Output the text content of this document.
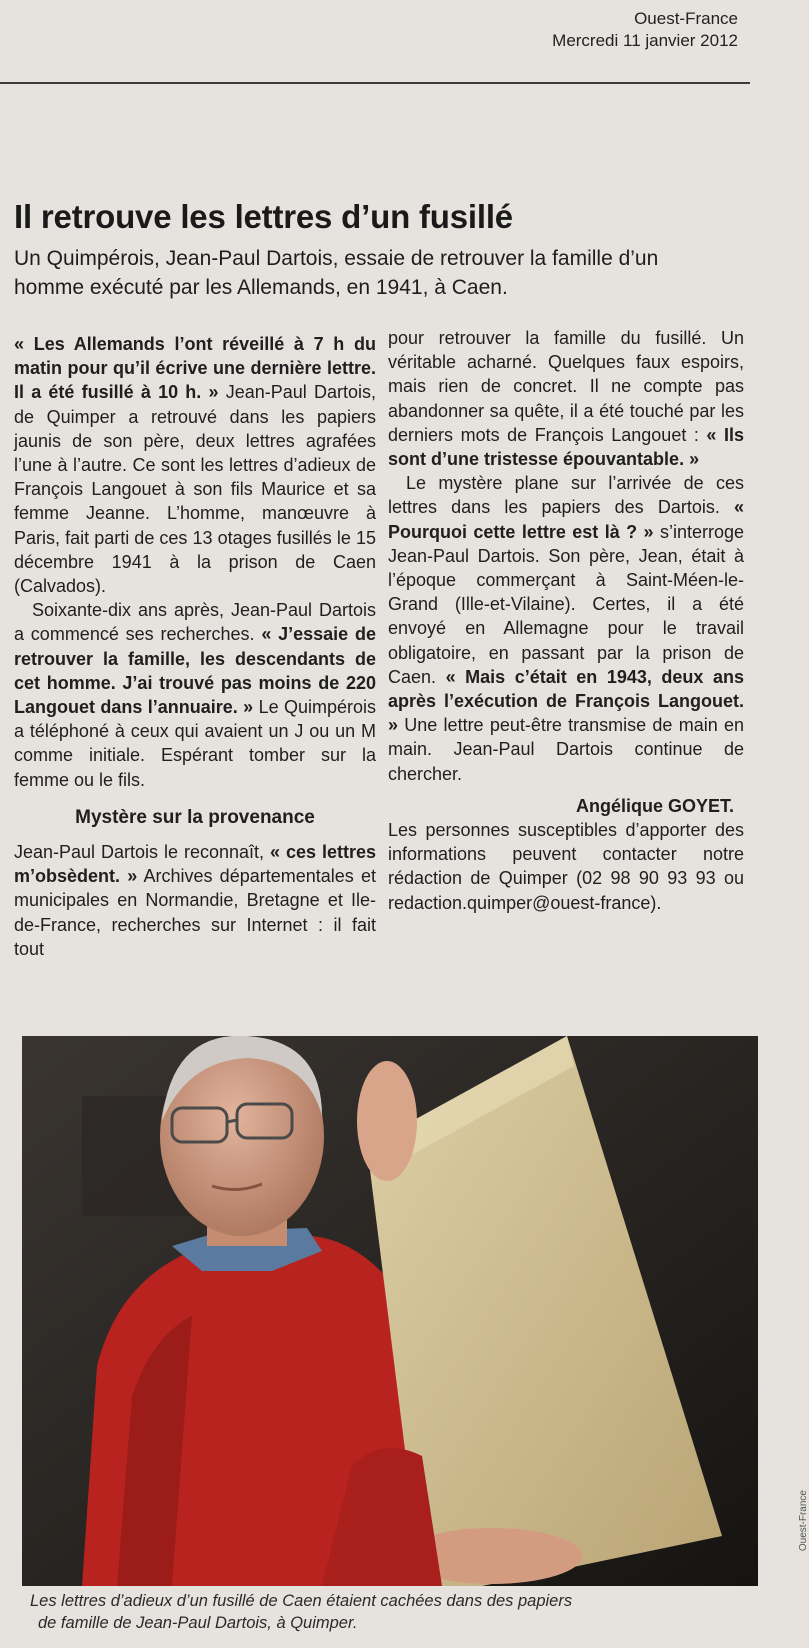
Ouest-France
Mercredi 11 janvier 2012
Il retrouve les lettres d’un fusillé
Un Quimpérois, Jean-Paul Dartois, essaie de retrouver la famille d’un homme exécuté par les Allemands, en 1941, à Caen.

« Les Allemands l’ont réveillé à 7 h du matin pour qu’il écrive une dernière lettre. Il a été fusillé à 10 h. » Jean-Paul Dartois, de Quimper a retrouvé dans les papiers jaunis de son père, deux lettres agrafées l’une à l’autre. Ce sont les lettres d’adieux de François Langouet à son fils Maurice et sa femme Jeanne. L’homme, manœuvre à Paris, fait parti de ces 13 otages fusillés le 15 décembre 1941 à la prison de Caen (Calvados).

Soixante-dix ans après, Jean-Paul Dartois a commencé ses recherches. « J’essaie de retrouver la famille, les descendants de cet homme. J’ai trouvé pas moins de 220 Langouet dans l’annuaire. » Le Quimpérois a téléphoné à ceux qui avaient un J ou un M comme initiale. Espérant tomber sur la femme ou le fils.

Mystère sur la provenance

Jean-Paul Dartois le reconnaît, « ces lettres m’obsèdent. » Archives départementales et municipales en Normandie, Bretagne et Ile-de-France, recherches sur Internet : il fait tout

pour retrouver la famille du fusillé. Un véritable acharné. Quelques faux espoirs, mais rien de concret. Il ne compte pas abandonner sa quête, il a été touché par les derniers mots de François Langouet : « Ils sont d’une tristesse épouvantable. »

Le mystère plane sur l’arrivée de ces lettres dans les papiers des Dartois. « Pourquoi cette lettre est là ? » s’interroge Jean-Paul Dartois. Son père, Jean, était à l’époque commerçant à Saint-Méen-le-Grand (Ille-et-Vilaine). Certes, il a été envoyé en Allemagne pour le travail obligatoire, en passant par la prison de Caen. « Mais c’était en 1943, deux ans après l’exécution de François Langouet. » Une lettre peut-être transmise de main en main. Jean-Paul Dartois continue de chercher.

Angélique GOYET.

Les personnes susceptibles d’apporter des informations peuvent contacter notre rédaction de Quimper (02 98 90 93 93 ou redaction.quimper@ouest-france).

Ouest-France
Les lettres d’adieux d’un fusillé de Caen étaient cachées dans des papiers
de famille de Jean-Paul Dartois, à Quimper.
